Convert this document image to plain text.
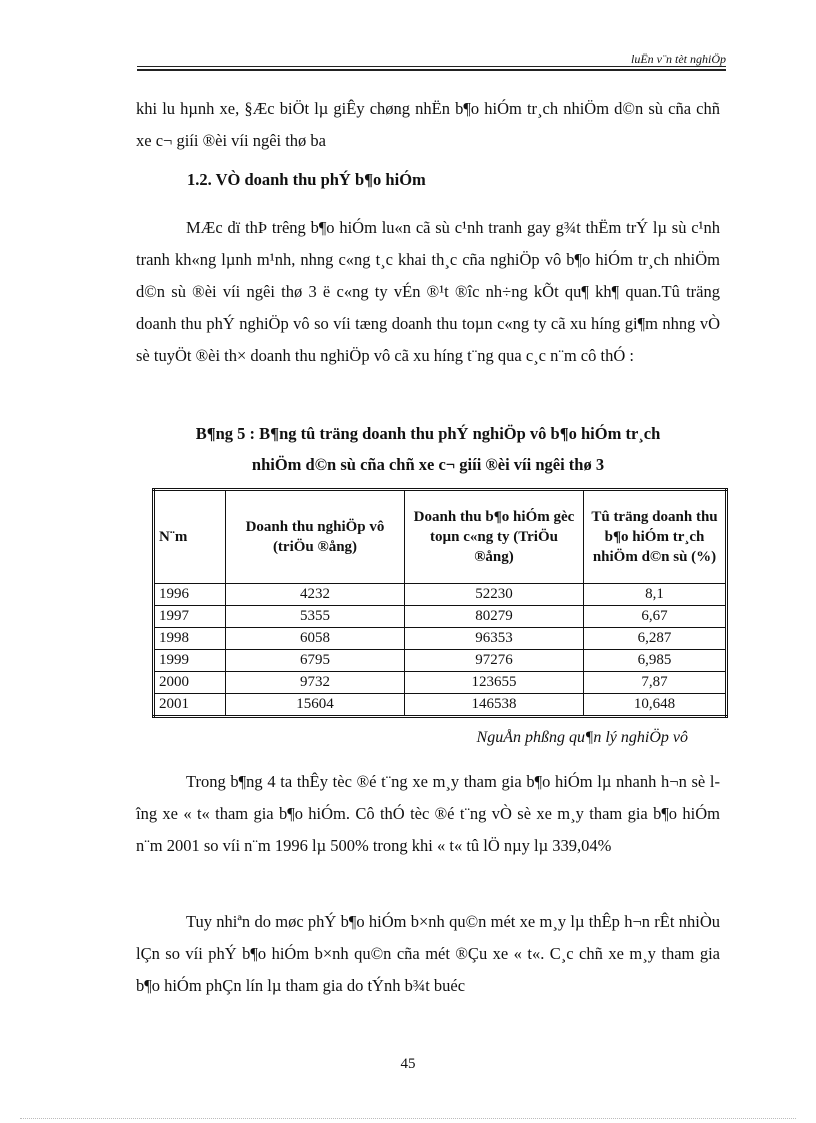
luËn v¨n tèt nghiÖp
khi lu hµnh xe, §Æc biÖt lµ giÊy chøng nhËn b¶o hiÓm tr¸ch nhiÖm d©n sù cña chñ xe c¬ giíi ®èi víi ngêi thø ba
1.2. VÒ doanh thu phÝ b¶o hiÓm
MÆc dï thÞ trêng b¶o hiÓm lu«n cã sù c¹nh tranh gay g¾t thËm trÝ lµ sù c¹nh tranh kh«ng lµnh m¹nh, nhng c«ng t¸c khai th¸c cña nghiÖp vô b¶o hiÓm tr¸ch nhiÖm d©n sù ®èi víi ngêi thø 3 ë c«ng ty vÉn ®¹t ®îc nh÷ng kÕt qu¶ kh¶ quan.Tû träng doanh thu phÝ nghiÖp vô so víi tæng doanh thu toµn c«ng ty cã xu híng gi¶m nhng vÒ sè tuyÖt ®èi th× doanh thu nghiÖp vô cã xu híng t¨ng qua c¸c n¨m cô thÓ :
B¶ng 5 : B¶ng tû träng doanh thu phÝ nghiÖp vô b¶o hiÓm tr¸ch
nhiÖm d©n sù cña chñ xe c¬ giíi ®èi víi ngêi thø 3
N¨m	Doanh thu nghiÖp vô (triÖu ®ång)	Doanh thu b¶o hiÓm gèc toµn c«ng ty (TriÖu ®ång)	Tû träng doanh thu b¶o hiÓm tr¸ch nhiÖm d©n sù (%)
1996	4232	52230	8,1
1997	5355	80279	6,67
1998	6058	96353	6,287
1999	6795	97276	6,985
2000	9732	123655	7,87
2001	15604	146538	10,648
NguÅn phßng qu¶n lý nghiÖp vô
Trong b¶ng 4 ta thÊy tèc ®é t¨ng xe m¸y tham gia b¶o hiÓm lµ nhanh h¬n sè lîng xe « t« tham gia b¶o hiÓm. Cô thÓ tèc ®é t¨ng vÒ sè xe m¸y tham gia b¶o hiÓm n¨m 2001 so víi n¨m 1996 lµ 500% trong khi « t« tû lÖ nµy lµ 339,04%
Tuy nhiªn do møc phÝ b¶o hiÓm b×nh qu©n mét xe m¸y lµ thÊp h¬n rÊt nhiÒu lÇn so víi phÝ b¶o hiÓm b×nh qu©n cña mét ®Çu xe « t«. C¸c chñ xe m¸y tham gia b¶o hiÓm phÇn lín lµ tham gia do tÝnh b¾t buéc
45
